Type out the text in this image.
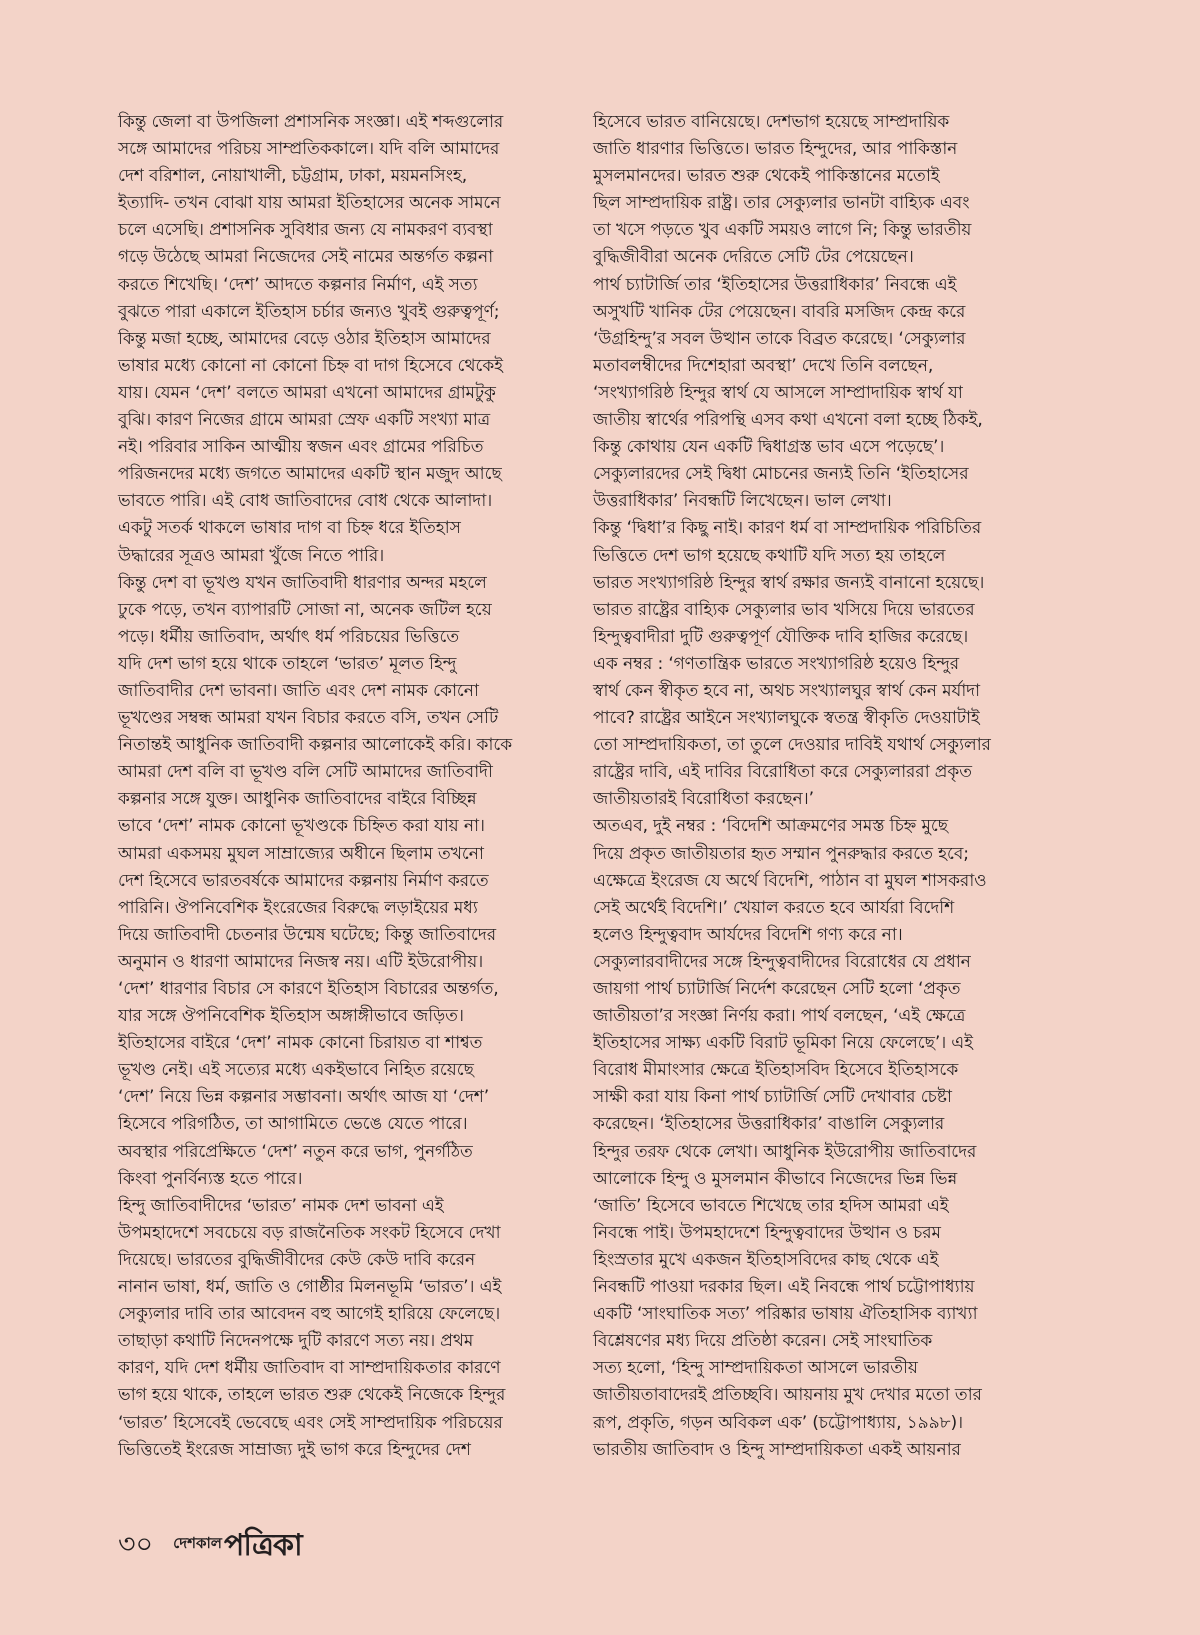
কিন্তু জেলা বা উপজিলা প্রশাসনিক সংজ্ঞা। এই শব্দগুলোর
সঙ্গে আমাদের পরিচয় সাম্প্রতিককালে। যদি বলি আমাদের
দেশ বরিশাল, নোয়াখালী, চট্টগ্রাম, ঢাকা, ময়মনসিংহ,
ইত্যাদি- তখন বোঝা যায় আমরা ইতিহাসের অনেক সামনে
চলে এসেছি। প্রশাসনিক সুবিধার জন্য যে নামকরণ ব্যবস্থা
গড়ে উঠেছে আমরা নিজেদের সেই নামের অন্তর্গত কল্পনা
করতে শিখেছি। ‘দেশ’ আদতে কল্পনার নির্মাণ, এই সত্য
বুঝতে পারা একালে ইতিহাস চর্চার জন্যও খুবই গুরুত্বপূর্ণ;
কিন্তু মজা হচ্ছে, আমাদের বেড়ে ওঠার ইতিহাস আমাদের
ভাষার মধ্যে কোনো না কোনো চিহ্ন বা দাগ হিসেবে থেকেই
যায়। যেমন ‘দেশ’ বলতে আমরা এখনো আমাদের গ্রামটুকু
বুঝি। কারণ নিজের গ্রামে আমরা স্রেফ একটি সংখ্যা মাত্র
নই। পরিবার সাকিন আত্মীয় স্বজন এবং গ্রামের পরিচিত
পরিজনদের মধ্যে জগতে আমাদের একটি স্থান মজুদ আছে
ভাবতে পারি। এই বোধ জাতিবাদের বোধ থেকে আলাদা।
একটু সতর্ক থাকলে ভাষার দাগ বা চিহ্ন ধরে ইতিহাস
উদ্ধারের সূত্রও আমরা খুঁজে নিতে পারি।

কিন্তু দেশ বা ভূখণ্ড যখন জাতিবাদী ধারণার অন্দর মহলে
ঢুকে পড়ে, তখন ব্যাপারটি সোজা না, অনেক জটিল হয়ে
পড়ে। ধর্মীয় জাতিবাদ, অর্থাৎ ধর্ম পরিচয়ের ভিত্তিতে
যদি দেশ ভাগ হয়ে থাকে তাহলে ‘ভারত’ মূলত হিন্দু
জাতিবাদীর দেশ ভাবনা। জাতি এবং দেশ নামক কোনো
ভূখণ্ডের সম্বন্ধ আমরা যখন বিচার করতে বসি, তখন সেটি
নিতান্তই আধুনিক জাতিবাদী কল্পনার আলোকেই করি। কাকে
আমরা দেশ বলি বা ভূখণ্ড বলি সেটি আমাদের জাতিবাদী
কল্পনার সঙ্গে যুক্ত। আধুনিক জাতিবাদের বাইরে বিচ্ছিন্ন
ভাবে ‘দেশ’ নামক কোনো ভূখণ্ডকে চিহ্নিত করা যায় না।
আমরা একসময় মুঘল সাম্রাজ্যের অধীনে ছিলাম তখনো
দেশ হিসেবে ভারতবর্ষকে আমাদের কল্পনায় নির্মাণ করতে
পারিনি। ঔপনিবেশিক ইংরেজের বিরুদ্ধে লড়াইয়ের মধ্য
দিয়ে জাতিবাদী চেতনার উন্মেষ ঘটেছে; কিন্তু জাতিবাদের
অনুমান ও ধারণা আমাদের নিজস্ব নয়। এটি ইউরোপীয়।
‘দেশ’ ধারণার বিচার সে কারণে ইতিহাস বিচারের অন্তর্গত,
যার সঙ্গে ঔপনিবেশিক ইতিহাস অঙ্গাঙ্গীভাবে জড়িত।
ইতিহাসের বাইরে ‘দেশ’ নামক কোনো চিরায়ত বা শাশ্বত
ভূখণ্ড নেই। এই সত্যের মধ্যে একইভাবে নিহিত রয়েছে
‘দেশ’ নিয়ে ভিন্ন কল্পনার সম্ভাবনা। অর্থাৎ আজ যা ‘দেশ’
হিসেবে পরিগঠিত, তা আগামিতে ভেঙে যেতে পারে।
অবস্থার পরিপ্রেক্ষিতে ‘দেশ’ নতুন করে ভাগ, পুনর্গঠিত
কিংবা পুনর্বিন্যস্ত হতে পারে।

হিন্দু জাতিবাদীদের ‘ভারত’ নামক দেশ ভাবনা এই
উপমহাদেশে সবচেয়ে বড় রাজনৈতিক সংকট হিসেবে দেখা
দিয়েছে। ভারতের বুদ্ধিজীবীদের কেউ কেউ দাবি করেন
নানান ভাষা, ধর্ম, জাতি ও গোষ্ঠীর মিলনভূমি ‘ভারত’। এই
সেক্যুলার দাবি তার আবেদন বহু আগেই হারিয়ে ফেলেছে।
তাছাড়া কথাটি নিদেনপক্ষে দুটি কারণে সত্য নয়। প্রথম
কারণ, যদি দেশ ধর্মীয় জাতিবাদ বা সাম্প্রদায়িকতার কারণে
ভাগ হয়ে থাকে, তাহলে ভারত শুরু থেকেই নিজেকে হিন্দুর
‘ভারত’ হিসেবেই ভেবেছে এবং সেই সাম্প্রদায়িক পরিচয়ের
ভিত্তিতেই ইংরেজ সাম্রাজ্য দুই ভাগ করে হিন্দুদের দেশ

হিসেবে ভারত বানিয়েছে। দেশভাগ হয়েছে সাম্প্রদায়িক
জাতি ধারণার ভিত্তিতে। ভারত হিন্দুদের, আর পাকিস্তান
মুসলমানদের। ভারত শুরু থেকেই পাকিস্তানের মতোই
ছিল সাম্প্রদায়িক রাষ্ট্র। তার সেক্যুলার ভানটা বাহ্যিক এবং
তা খসে পড়তে খুব একটি সময়ও লাগে নি; কিন্তু ভারতীয়
বুদ্ধিজীবীরা অনেক দেরিতে সেটি টের পেয়েছেন।

পার্থ চ্যাটার্জি তার ‘ইতিহাসের উত্তরাধিকার’ নিবন্ধে এই
অসুখটি খানিক টের পেয়েছেন। বাবরি মসজিদ কেন্দ্র করে
‘উগ্রহিন্দু’র সবল উত্থান তাকে বিব্রত করেছে। ‘সেক্যুলার
মতাবলম্বীদের দিশেহারা অবস্থা’ দেখে তিনি বলছেন,
‘সংখ্যাগরিষ্ঠ হিন্দুর স্বার্থ যে আসলে সাম্প্রাদায়িক স্বার্থ যা
জাতীয় স্বার্থের পরিপন্থি এসব কথা এখনো বলা হচ্ছে ঠিকই,
কিন্তু কোথায় যেন একটি দ্বিধাগ্রস্ত ভাব এসে পড়েছে’।
সেক্যুলারদের সেই দ্বিধা মোচনের জন্যই তিনি ‘ইতিহাসের
উত্তরাধিকার’ নিবন্ধটি লিখেছেন। ভাল লেখা।

কিন্তু ‘দ্বিধা’র কিছু নাই। কারণ ধর্ম বা সাম্প্রদায়িক পরিচিতির
ভিত্তিতে দেশ ভাগ হয়েছে কথাটি যদি সত্য হয় তাহলে
ভারত সংখ্যাগরিষ্ঠ হিন্দুর স্বার্থ রক্ষার জন্যই বানানো হয়েছে।
ভারত রাষ্ট্রের বাহ্যিক সেক্যুলার ভাব খসিয়ে দিয়ে ভারতের
হিন্দুত্ববাদীরা দুটি গুরুত্বপূর্ণ যৌক্তিক দাবি হাজির করেছে।
এক নম্বর : ‘গণতান্ত্রিক ভারতে সংখ্যাগরিষ্ঠ হয়েও হিন্দুর
স্বার্থ কেন স্বীকৃত হবে না, অথচ সংখ্যালঘুর স্বার্থ কেন মর্যাদা
পাবে? রাষ্ট্রের আইনে সংখ্যালঘুকে স্বতন্ত্র স্বীকৃতি দেওয়াটাই
তো সাম্প্রদায়িকতা, তা তুলে দেওয়ার দাবিই যথার্থ সেক্যুলার
রাষ্ট্রের দাবি, এই দাবির বিরোধিতা করে সেক্যুলাররা প্রকৃত
জাতীয়তারই বিরোধিতা করছেন।’

অতএব, দুই নম্বর : ‘বিদেশি আক্রমণের সমস্ত চিহ্ন মুছে
দিয়ে প্রকৃত জাতীয়তার হৃত সম্মান পুনরুদ্ধার করতে হবে;
এক্ষেত্রে ইংরেজ যে অর্থে বিদেশি, পাঠান বা মুঘল শাসকরাও
সেই অর্থেই বিদেশি।’ খেয়াল করতে হবে আর্যরা বিদেশি
হলেও হিন্দুত্ববাদ আর্যদের বিদেশি গণ্য করে না।

সেক্যুলারবাদীদের সঙ্গে হিন্দুত্ববাদীদের বিরোধের যে প্রধান
জায়গা পার্থ চ্যাটার্জি নির্দেশ করেছেন সেটি হলো ‘প্রকৃত
জাতীয়তা’র সংজ্ঞা নির্ণয় করা। পার্থ বলছেন, ‘এই ক্ষেত্রে
ইতিহাসের সাক্ষ্য একটি বিরাট ভূমিকা নিয়ে ফেলেছে’। এই
বিরোধ মীমাংসার ক্ষেত্রে ইতিহাসবিদ হিসেবে ইতিহাসকে
সাক্ষী করা যায় কিনা পার্থ চ্যাটার্জি সেটি দেখাবার চেষ্টা
করেছেন। ‘ইতিহাসের উত্তরাধিকার’ বাঙালি সেক্যুলার
হিন্দুর তরফ থেকে লেখা। আধুনিক ইউরোপীয় জাতিবাদের
আলোকে হিন্দু ও মুসলমান কীভাবে নিজেদের ভিন্ন ভিন্ন
‘জাতি’ হিসেবে ভাবতে শিখেছে তার হদিস আমরা এই
নিবন্ধে পাই। উপমহাদেশে হিন্দুত্ববাদের উত্থান ও চরম
হিংস্রতার মুখে একজন ইতিহাসবিদের কাছ থেকে এই
নিবন্ধটি পাওয়া দরকার ছিল। এই নিবন্ধে পার্থ চট্টোপাধ্যায়
একটি ‘সাংঘাতিক সত্য’ পরিষ্কার ভাষায় ঐতিহাসিক ব্যাখ্যা
বিশ্লেষণের মধ্য দিয়ে প্রতিষ্ঠা করেন। সেই সাংঘাতিক
সত্য হলো, ‘হিন্দু সাম্প্রদায়িকতা আসলে ভারতীয়
জাতীয়তাবাদেরই প্রতিচ্ছবি। আয়নায় মুখ দেখার মতো তার
রূপ, প্রকৃতি, গড়ন অবিকল এক’ (চট্টোপাধ্যায়, ১৯৯৮)।
ভারতীয় জাতিবাদ ও হিন্দু সাম্প্রদায়িকতা একই আয়নার

৩০ দেশকাল পত্রিকা
